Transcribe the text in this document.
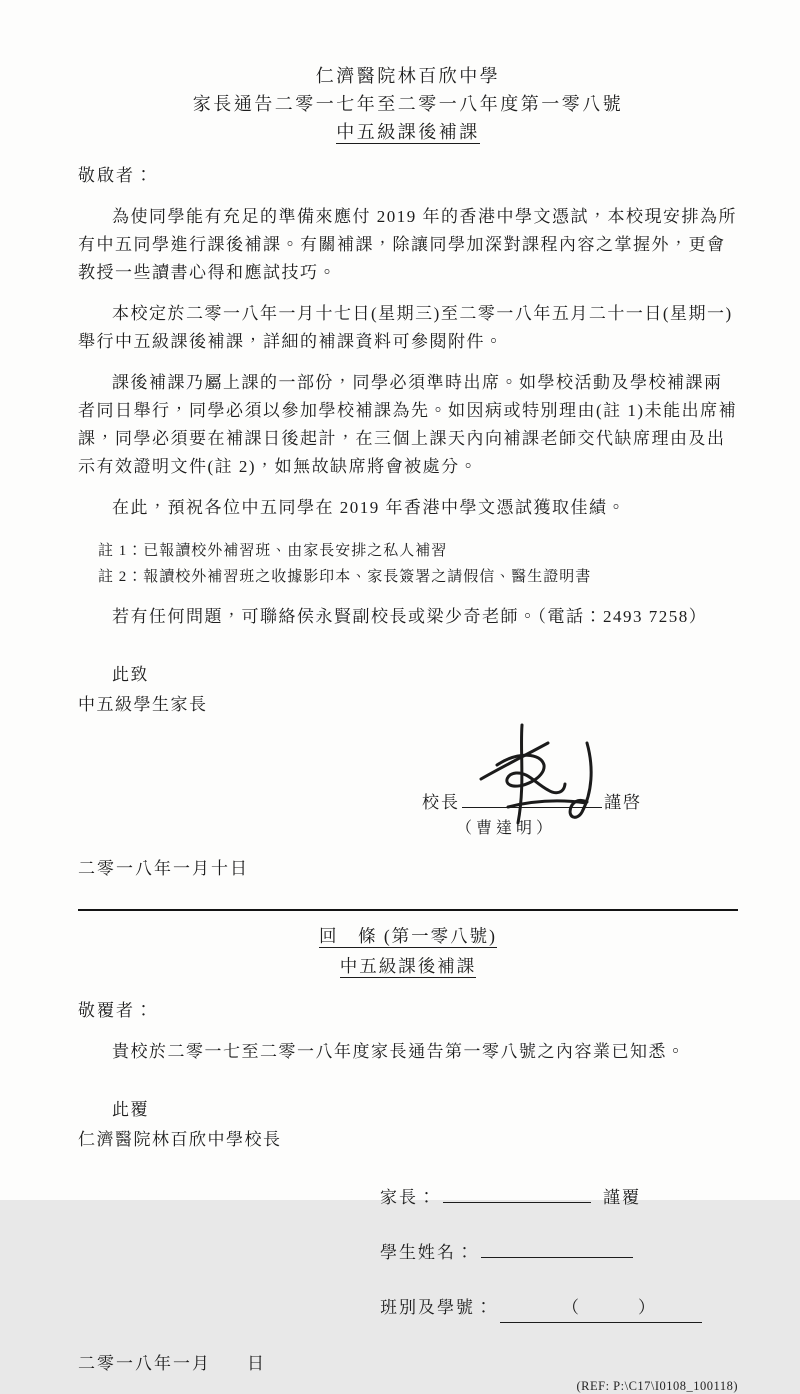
仁濟醫院林百欣中學
家長通告二零一七年至二零一八年度第一零八號
中五級課後補課
敬啟者：

為使同學能有充足的準備來應付 2019 年的香港中學文憑試，本校現安排為所有中五同學進行課後補課。有關補課，除讓同學加深對課程內容之掌握外，更會教授一些讀書心得和應試技巧。

本校定於二零一八年一月十七日(星期三)至二零一八年五月二十一日(星期一)舉行中五級課後補課，詳細的補課資料可參閱附件。

課後補課乃屬上課的一部份，同學必須準時出席。如學校活動及學校補課兩者同日舉行，同學必須以參加學校補課為先。如因病或特別理由(註 1)未能出席補課，同學必須要在補課日後起計，在三個上課天內向補課老師交代缺席理由及出示有效證明文件(註 2)，如無故缺席將會被處分。

在此，預祝各位中五同學在 2019 年香港中學文憑試獲取佳績。

註 1：已報讀校外補習班、由家長安排之私人補習
註 2：報讀校外補習班之收據影印本、家長簽署之請假信、醫生證明書

若有任何問題，可聯絡侯永賢副校長或梁少奇老師。（電話：2493 7258）

此致
中五級學生家長
校長	謹啓
（曹達明）
二零一八年一月十日
回　條 (第一零八號)
中五級課後補課
敬覆者：

貴校於二零一七至二零一八年度家長通告第一零八號之內容業已知悉。

此覆
仁濟醫院林百欣中學校長
家長：	謹覆
學生姓名：
班別及學號：	（　　　）
二零一八年一月 日
(REF: P:\C17\I0108_100118)
